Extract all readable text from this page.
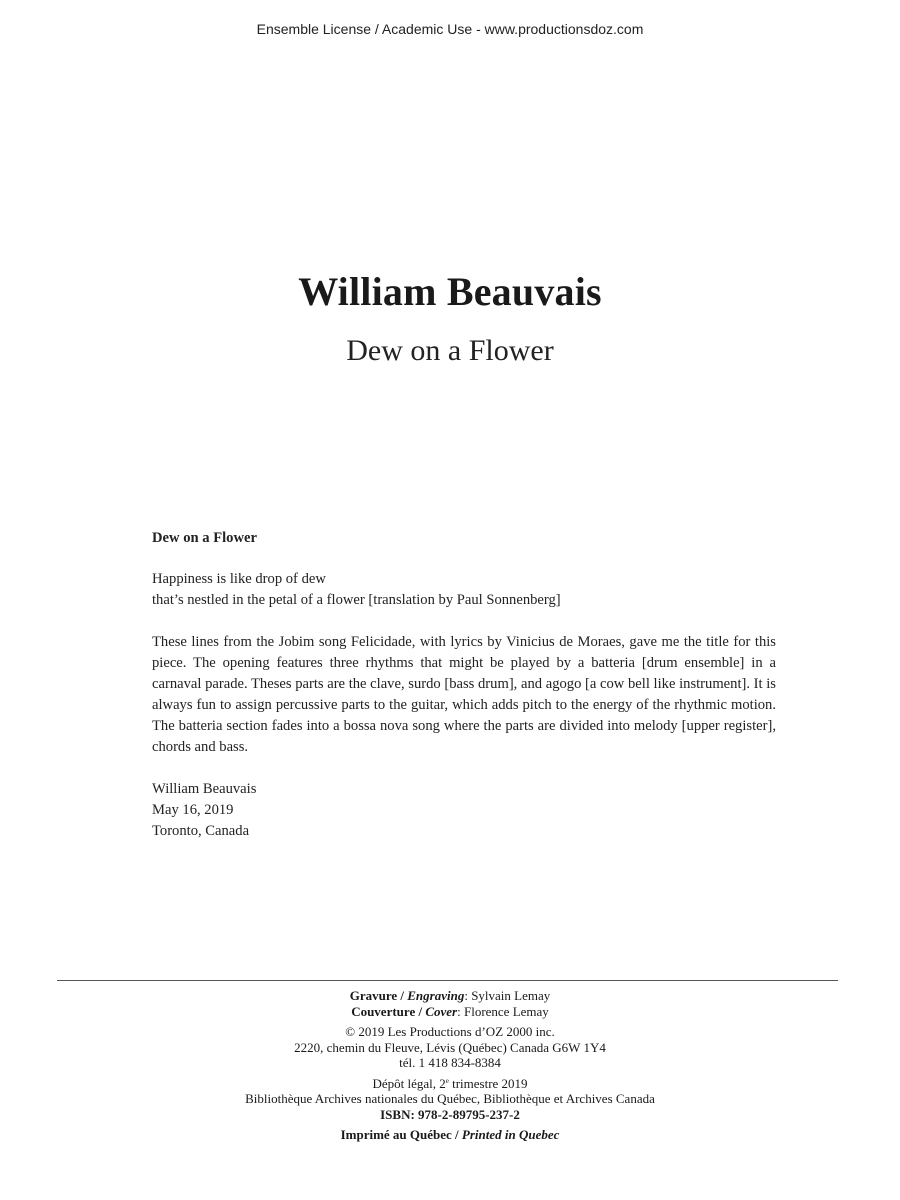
Ensemble License / Academic Use - www.productionsdoz.com
William Beauvais
Dew on a Flower

Dew on a Flower

Happiness is like drop of dew
that’s nestled in the petal of a flower [translation by Paul Sonnenberg]

These lines from the Jobim song Felicidade, with lyrics by Vinicius de Moraes, gave me the title for this piece. The opening features three rhythms that might be played by a batteria [drum ensemble] in a carnaval parade. Theses parts are the clave, surdo [bass drum], and agogo [a cow bell like instrument]. It is always fun to assign percussive parts to the guitar, which adds pitch to the energy of the rhythmic motion. The batteria section fades into a bossa nova song where the parts are divided into melody [upper register], chords and bass.

William Beauvais
May 16, 2019
Toronto, Canada

Gravure / Engraving: Sylvain Lemay
Couverture / Cover: Florence Lemay
© 2019 Les Productions d’OZ 2000 inc.
2220, chemin du Fleuve, Lévis (Québec) Canada G6W 1Y4
tél. 1 418 834-8384
Dépôt légal, 2e trimestre 2019
Bibliothèque Archives nationales du Québec, Bibliothèque et Archives Canada
ISBN: 978-2-89795-237-2
Imprimé au Québec / Printed in Quebec
